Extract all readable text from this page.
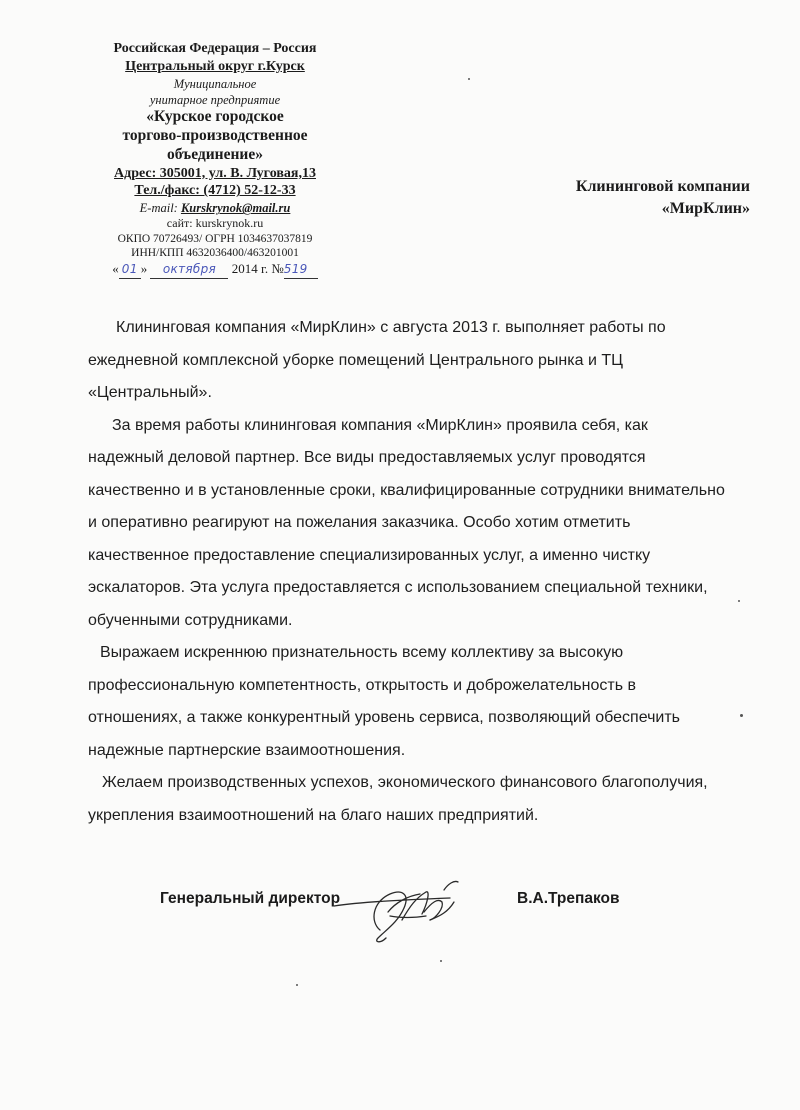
Российская Федерация – Россия
Центральный округ г.Курск
Муниципальное
унитарное предприятие
«Курское городское
торгово-производственное
объединение»
Адрес: 305001, ул. В. Луговая,13
Тел./факс: (4712) 52-12-33
E-mail: Kurskrynok@mail.ru
сайт: kurskrynok.ru
ОКПО 70726493/ ОГРН 1034637037819
ИНН/КПП 4632036400/463201001
« 01 » октября 2014 г. №519
Клининговой компании
«МирКлин»

Клининговая компания «МирКлин» с августа 2013 г. выполняет работы по ежедневной комплексной уборке помещений Центрального рынка и ТЦ «Центральный».

За время работы клининговая компания «МирКлин» проявила себя, как надежный деловой партнер. Все виды предоставляемых услуг проводятся качественно и в установленные сроки, квалифицированные сотрудники внимательно и оперативно реагируют на пожелания заказчика. Особо хотим отметить качественное предоставление специализированных услуг, а именно чистку эскалаторов. Эта услуга предоставляется с использованием специальной техники, обученными сотрудниками.

Выражаем искреннюю признательность всему коллективу за высокую профессиональную компетентность, открытость и доброжелательность в отношениях, а также конкурентный уровень сервиса, позволяющий обеспечить надежные партнерские взаимоотношения.

Желаем производственных успехов, экономического финансового благополучия, укрепления взаимоотношений на благо наших предприятий.

Генеральный директор	В.А.Трепаков
